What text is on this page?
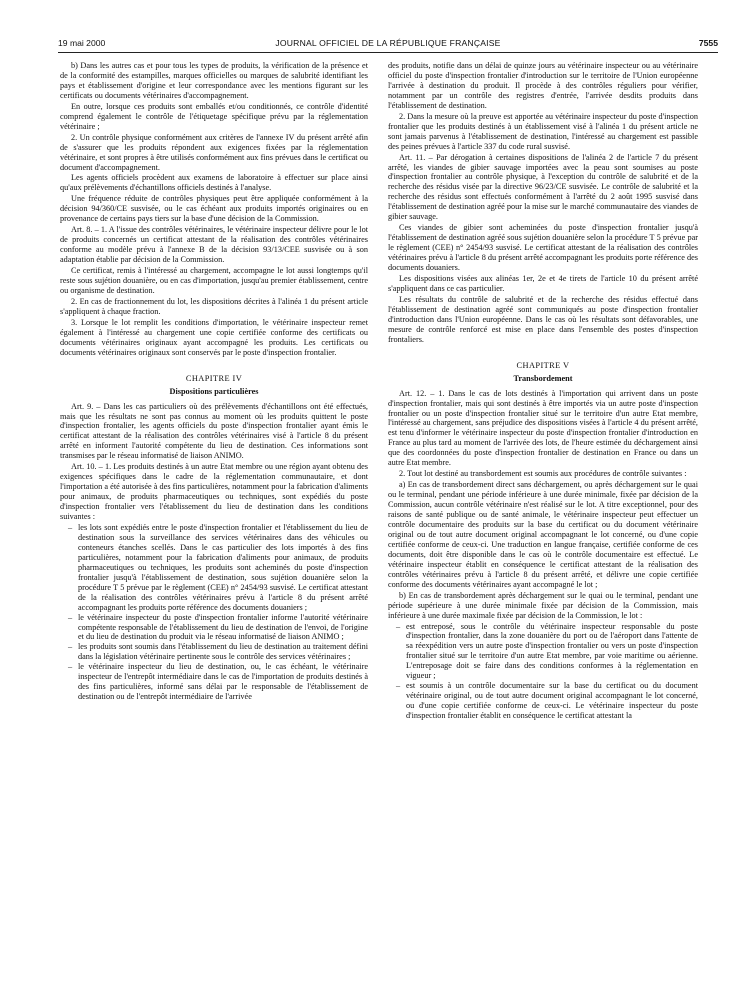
19 mai 2000	JOURNAL OFFICIEL DE LA RÉPUBLIQUE FRANÇAISE	7555

b) Dans les autres cas et pour tous les types de produits, la vérification de la présence et de la conformité des estampilles, marques officielles ou marques de salubrité identifiant les pays et établissement d'origine et leur correspondance avec les mentions figurant sur les certificats ou documents vétérinaires d'accompagnement.

En outre, lorsque ces produits sont emballés et/ou conditionnés, ce contrôle d'identité comprend également le contrôle de l'étiquetage spécifique prévu par la réglementation vétérinaire ;

2. Un contrôle physique conformément aux critères de l'annexe IV du présent arrêté afin de s'assurer que les produits répondent aux exigences fixées par la réglementation vétérinaire, et sont propres à être utilisés conformément aux fins prévues dans le certificat ou document d'accompagnement.

Les agents officiels procèdent aux examens de laboratoire à effectuer sur place ainsi qu'aux prélèvements d'échantillons officiels destinés à l'analyse.

Une fréquence réduite de contrôles physiques peut être appliquée conformément à la décision 94/360/CE susvisée, ou le cas échéant aux produits importés originaires ou en provenance de certains pays tiers sur la base d'une décision de la Commission.

Art. 8. – 1. A l'issue des contrôles vétérinaires, le vétérinaire inspecteur délivre pour le lot de produits concernés un certificat attestant de la réalisation des contrôles vétérinaires conforme au modèle prévu à l'annexe B de la décision 93/13/CEE susvisée ou à son adaptation établie par décision de la Commission.

Ce certificat, remis à l'intéressé au chargement, accompagne le lot aussi longtemps qu'il reste sous sujétion douanière, ou en cas d'importation, jusqu'au premier établissement, centre ou organisme de destination.

2. En cas de fractionnement du lot, les dispositions décrites à l'alinéa 1 du présent article s'appliquent à chaque fraction.

3. Lorsque le lot remplit les conditions d'importation, le vétérinaire inspecteur remet également à l'intéressé au chargement une copie certifiée conforme des certificats ou documents vétérinaires originaux ayant accompagné les produits. Les certificats ou documents vétérinaires originaux sont conservés par le poste d'inspection frontalier.

CHAPITRE IV
Dispositions particulières

Art. 9. – Dans les cas particuliers où des prélèvements d'échantillons ont été effectués, mais que les résultats ne sont pas connus au moment où les produits quittent le poste d'inspection frontalier, les agents officiels du poste d'inspection frontalier ayant émis le certificat attestant de la réalisation des contrôles vétérinaires visé à l'article 8 du présent arrêté en informent l'autorité compétente du lieu de destination. Ces informations sont transmises par le réseau informatisé de liaison ANIMO.

Art. 10. – 1. Les produits destinés à un autre Etat membre ou une région ayant obtenu des exigences spécifiques dans le cadre de la réglementation communautaire, et dont l'importation a été autorisée à des fins particulières, notamment pour la fabrication d'aliments pour animaux, de produits pharmaceutiques ou techniques, sont expédiés du poste d'inspection frontalier vers l'établissement du lieu de destination dans les conditions suivantes :

– les lots sont expédiés entre le poste d'inspection frontalier et l'établissement du lieu de destination sous la surveillance des services vétérinaires dans des véhicules ou conteneurs étanches scellés. Dans le cas particulier des lots importés à des fins particulières, notamment pour la fabrication d'aliments pour animaux, de produits pharmaceutiques ou techniques, les produits sont acheminés du poste d'inspection frontalier jusqu'à l'établissement de destination, sous sujétion douanière selon la procédure T 5 prévue par le règlement (CEE) n° 2454/93 susvisé. Le certificat attestant de la réalisation des contrôles vétérinaires prévu à l'article 8 du présent arrêté accompagnant les produits porte référence des documents douaniers ;
– le vétérinaire inspecteur du poste d'inspection frontalier informe l'autorité vétérinaire compétente responsable de l'établissement du lieu de destination de l'envoi, de l'origine et du lieu de destination du produit via le réseau informatisé de liaison ANIMO ;
– les produits sont soumis dans l'établissement du lieu de destination au traitement défini dans la législation vétérinaire pertinente sous le contrôle des services vétérinaires ;
– le vétérinaire inspecteur du lieu de destination, ou, le cas échéant, le vétérinaire inspecteur de l'entrepôt intermédiaire dans le cas de l'importation de produits destinés à des fins particulières, informé sans délai par le responsable de l'établissement de destination ou de l'entrepôt intermédiaire de l'arrivée

des produits, notifie dans un délai de quinze jours au vétérinaire inspecteur ou au vétérinaire officiel du poste d'inspection frontalier d'introduction sur le territoire de l'Union européenne l'arrivée à destination du produit. Il procède à des contrôles réguliers pour vérifier, notamment par un contrôle des registres d'entrée, l'arrivée desdits produits dans l'établissement de destination.

2. Dans la mesure où la preuve est apportée au vétérinaire inspecteur du poste d'inspection frontalier que les produits destinés à un établissement visé à l'alinéa 1 du présent article ne sont jamais parvenus à l'établissement de destination, l'intéressé au chargement est passible des peines prévues à l'article 337 du code rural susvisé.

Art. 11. – Par dérogation à certaines dispositions de l'alinéa 2 de l'article 7 du présent arrêté, les viandes de gibier sauvage importées avec la peau sont soumises au poste d'inspection frontalier au contrôle physique, à l'exception du contrôle de salubrité et de la recherche des résidus visée par la directive 96/23/CE susvisée. Le contrôle de salubrité et la recherche des résidus sont effectués conformément à l'arrêté du 2 août 1995 susvisé dans l'établissement de destination agréé pour la mise sur le marché communautaire des viandes de gibier sauvage.

Ces viandes de gibier sont acheminées du poste d'inspection frontalier jusqu'à l'établissement de destination agréé sous sujétion douanière selon la procédure T 5 prévue par le règlement (CEE) n° 2454/93 susvisé. Le certificat attestant de la réalisation des contrôles vétérinaires prévu à l'article 8 du présent arrêté accompagnant les produits porte référence des documents douaniers.

Les dispositions visées aux alinéas 1er, 2e et 4e tirets de l'article 10 du présent arrêté s'appliquent dans ce cas particulier.

Les résultats du contrôle de salubrité et de la recherche des résidus effectué dans l'établissement de destination agréé sont communiqués au poste d'inspection frontalier d'introduction dans l'Union européenne. Dans le cas où les résultats sont défavorables, une mesure de contrôle renforcé est mise en place dans l'ensemble des postes d'inspection frontaliers.

CHAPITRE V
Transbordement

Art. 12. – 1. Dans le cas de lots destinés à l'importation qui arrivent dans un poste d'inspection frontalier, mais qui sont destinés à être importés via un autre poste d'inspection frontalier ou un poste d'inspection frontalier situé sur le territoire d'un autre Etat membre, l'intéressé au chargement, sans préjudice des dispositions visées à l'article 4 du présent arrêté, est tenu d'informer le vétérinaire inspecteur du poste d'inspection frontalier d'introduction en France au plus tard au moment de l'arrivée des lots, de l'heure estimée du déchargement ainsi que des coordonnées du poste d'inspection frontalier de destination en France ou dans un autre Etat membre.

2. Tout lot destiné au transbordement est soumis aux procédures de contrôle suivantes :

a) En cas de transbordement direct sans déchargement, ou après déchargement sur le quai ou le terminal, pendant une période inférieure à une durée minimale, fixée par décision de la Commission, aucun contrôle vétérinaire n'est réalisé sur le lot. A titre exceptionnel, pour des raisons de santé publique ou de santé animale, le vétérinaire inspecteur peut effectuer un contrôle documentaire des produits sur la base du certificat ou du document vétérinaire original ou de tout autre document original accompagnant le lot concerné, ou d'une copie certifiée conforme de ceux-ci. Une traduction en langue française, certifiée conforme de ces documents, doit être disponible dans le cas où le contrôle documentaire est effectué. Le vétérinaire inspecteur établit en conséquence le certificat attestant de la réalisation des contrôles vétérinaires prévu à l'article 8 du présent arrêté, et délivre une copie certifiée conforme des documents vétérinaires ayant accompagné le lot ;

b) En cas de transbordement après déchargement sur le quai ou le terminal, pendant une période supérieure à une durée minimale fixée par décision de la Commission, mais inférieure à une durée maximale fixée par décision de la Commission, le lot :

– est entreposé, sous le contrôle du vétérinaire inspecteur responsable du poste d'inspection frontalier, dans la zone douanière du port ou de l'aéroport dans l'attente de sa réexpédition vers un autre poste d'inspection frontalier ou vers un poste d'inspection frontalier situé sur le territoire d'un autre Etat membre, par voie maritime ou aérienne. L'entreposage doit se faire dans des conditions conformes à la réglementation en vigueur ;
– est soumis à un contrôle documentaire sur la base du certificat ou du document vétérinaire original, ou de tout autre document original accompagnant le lot concerné, ou d'une copie certifiée conforme de ceux-ci. Le vétérinaire inspecteur du poste d'inspection frontalier établit en conséquence le certificat attestant la
